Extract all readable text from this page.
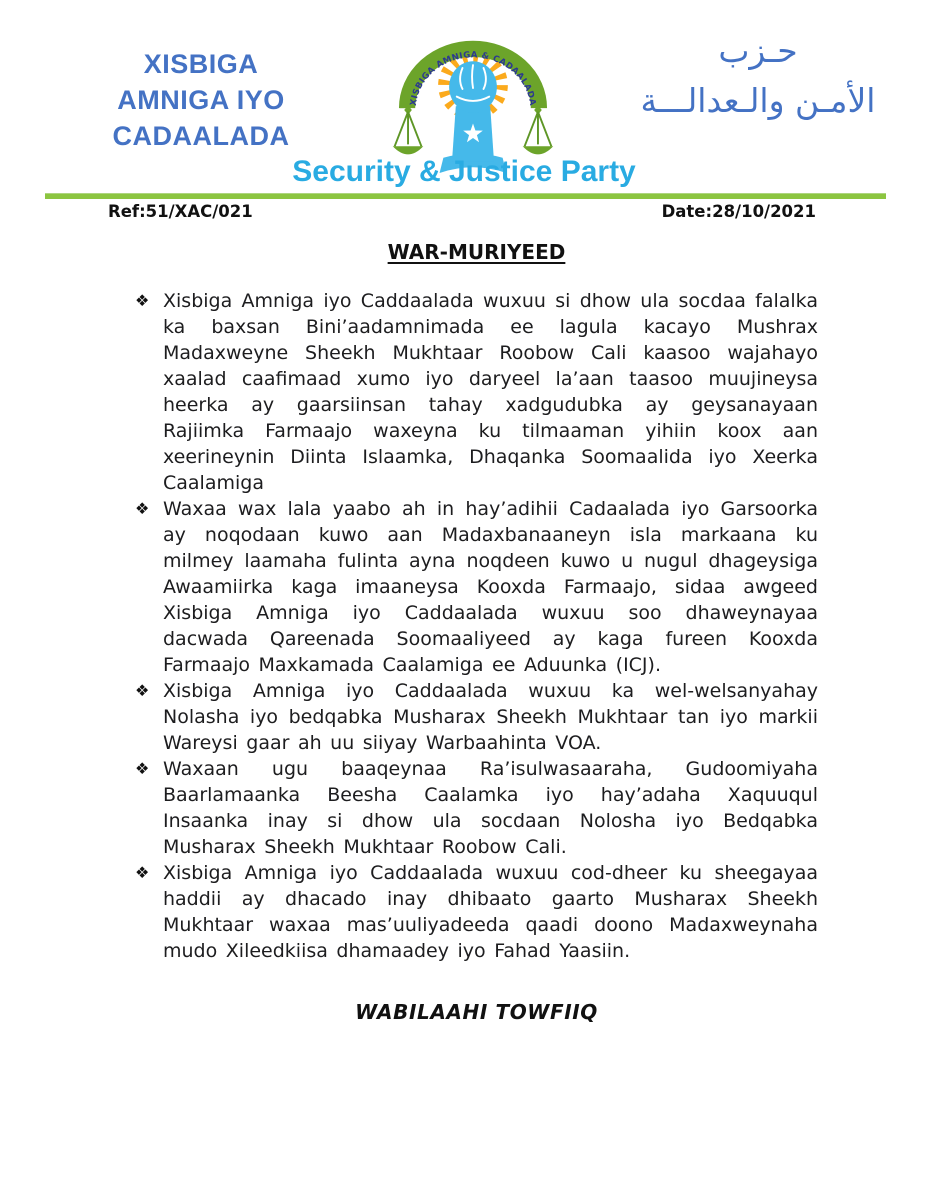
XISBIGA
AMNIGA IYO CADAALADA
XISBIGA AMNIGA & CADAALADA
حـزب
الأمـن والـعدالـــة
Security & Justice Party
Ref:51/XAC/021	Date:28/10/2021
WAR-MURIYEED
❖ Xisbiga Amniga iyo Caddaalada wuxuu si dhow ula socdaa falalka ka baxsan Bini’aadamnimada ee lagula kacayo Mushrax Madaxweyne Sheekh Mukhtaar Roobow Cali kaasoo wajahayo xaalad caafimaad xumo iyo daryeel la’aan taasoo muujineysa heerka ay gaarsiinsan tahay xadgudubka ay geysanayaan Rajiimka Farmaajo waxeyna ku tilmaaman yihiin koox aan xeerineynin Diinta Islaamka, Dhaqanka Soomaalida iyo Xeerka Caalamiga
❖ Waxaa wax lala yaabo ah in hay’adihii Cadaalada iyo Garsoorka ay noqodaan kuwo aan Madaxbanaaneyn isla markaana ku milmey laamaha fulinta ayna noqdeen kuwo u nugul dhageysiga Awaamiirka kaga imaaneysa Kooxda Farmaajo, sidaa awgeed Xisbiga Amniga iyo Caddaalada wuxuu soo dhaweynayaa dacwada Qareenada Soomaaliyeed ay kaga fureen Kooxda Farmaajo Maxkamada Caalamiga ee Aduunka (ICJ).
❖ Xisbiga Amniga iyo Caddaalada wuxuu ka wel-welsanyahay Nolasha iyo bedqabka Musharax Sheekh Mukhtaar tan iyo markii Wareysi gaar ah uu siiyay Warbaahinta VOA.
❖ Waxaan ugu baaqeynaa Ra’isulwasaaraha, Gudoomiyaha Baarlamaanka Beesha Caalamka iyo hay’adaha Xaquuqul Insaanka inay si dhow ula socdaan Nolosha iyo Bedqabka Musharax Sheekh Mukhtaar Roobow Cali.
❖ Xisbiga Amniga iyo Caddaalada wuxuu cod-dheer ku sheegayaa haddii ay dhacado inay dhibaato gaarto Musharax Sheekh Mukhtaar waxaa mas’uuliyadeeda qaadi doono Madaxweynaha mudo Xileedkiisa dhamaadey iyo Fahad Yaasiin.
WABILAAHI TOWFIIQ
